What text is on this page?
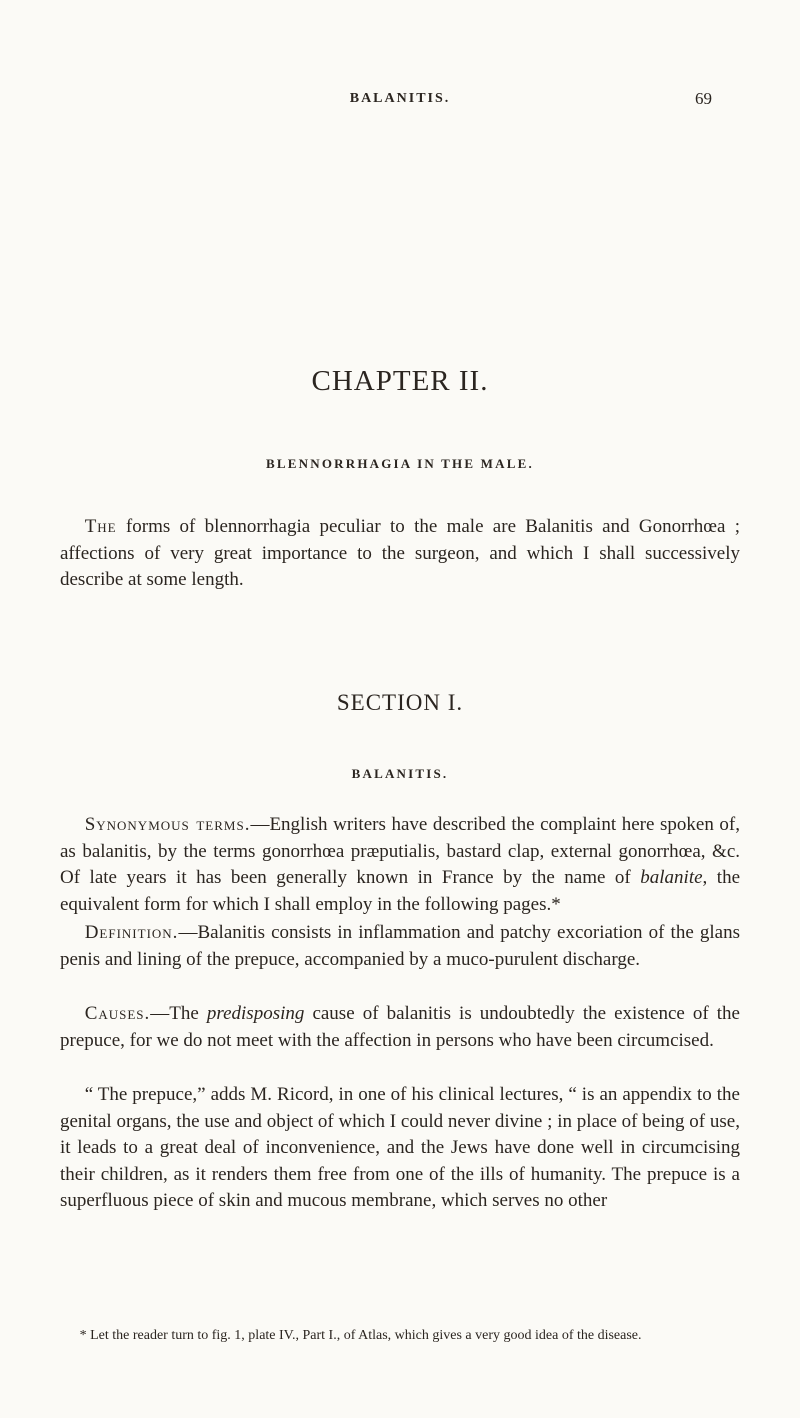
BALANITIS.	69
CHAPTER II.
BLENNORRHAGIA IN THE MALE.

The forms of blennorrhagia peculiar to the male are Balanitis and Gonorrhœa ; affections of very great importance to the surgeon, and which I shall successively describe at some length.

SECTION I.
BALANITIS.

Synonymous terms.—English writers have described the complaint here spoken of, as balanitis, by the terms gonorrhœa præputialis, bastard clap, external gonorrhœa, &c. Of late years it has been generally known in France by the name of balanite, the equivalent form for which I shall employ in the following pages.*

Definition.—Balanitis consists in inflammation and patchy excoriation of the glans penis and lining of the prepuce, accompanied by a muco-purulent discharge.

Causes.—The predisposing cause of balanitis is undoubtedly the existence of the prepuce, for we do not meet with the affection in persons who have been circumcised.

“ The prepuce,” adds M. Ricord, in one of his clinical lectures, “ is an appendix to the genital organs, the use and object of which I could never divine ; in place of being of use, it leads to a great deal of inconvenience, and the Jews have done well in circumcising their children, as it renders them free from one of the ills of humanity. The prepuce is a superfluous piece of skin and mucous membrane, which serves no other

* Let the reader turn to fig. 1, plate IV., Part I., of Atlas, which gives a very good idea of the disease.
